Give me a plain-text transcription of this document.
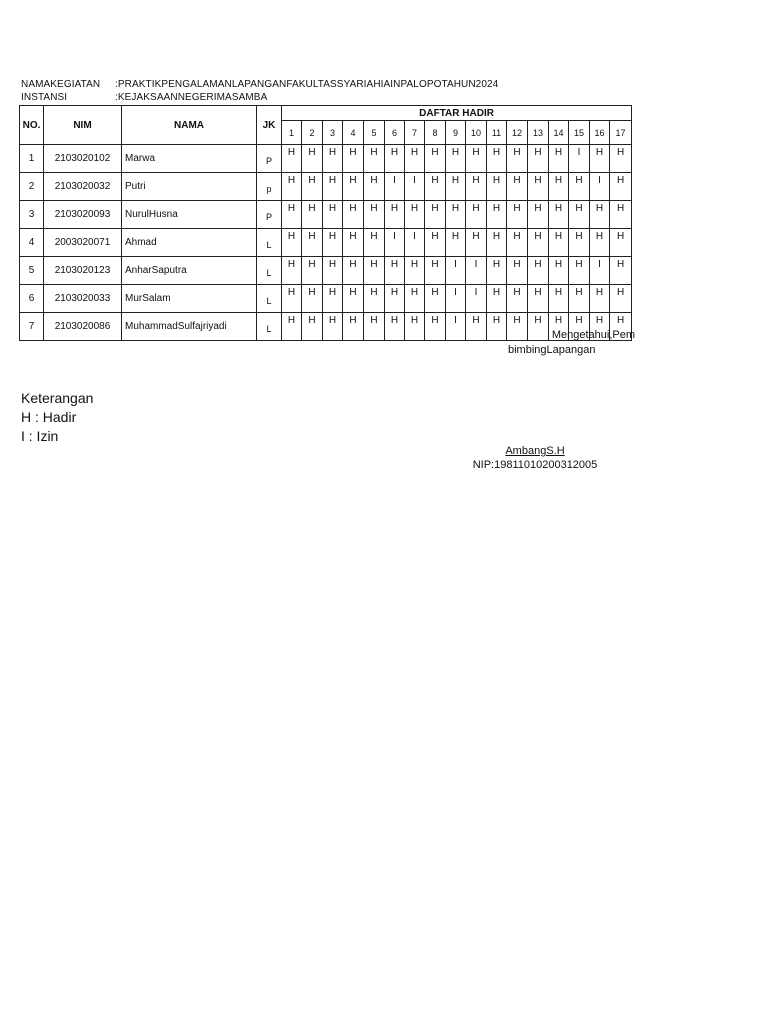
NAMAKEGIATAN :PRAKTIKPENGALAMANLAPANGANFAKULTASSYARIAHIAINPALOPOTAHUN2024
INSTANSI	:KEJAKSAANNEGERIMASAMBA
NO.	NIM	NAMA	JK	DAFTAR HADIR																
				1	2	3	4	5	6	7	8	9	10	11	12	13	14	15	16	17
1	2103020102	Marwa	P	H	H	H	H	H	H	H	H	H	H	H	H	H	H	I	H	H
2	2103020032	Putri	p	H	H	H	H	H	I	I	H	H	H	H	H	H	H	H	I	H
3	2103020093	NurulHusna	P	H	H	H	H	H	H	H	H	H	H	H	H	H	H	H	H	H
4	2003020071	Ahmad	L	H	H	H	H	H	I	I	H	H	H	H	H	H	H	H	H	H
5	2103020123	AnharSaputra	L	H	H	H	H	H	H	H	H	I	I	H	H	H	H	H	I	H
6	2103020033	MurSalam	L	H	H	H	H	H	H	H	H	I	I	H	H	H	H	H	H	H
7	2103020086	MuhammadSulfajriyadi	L	H	H	H	H	H	H	H	H	I	H	H	H	H	H	H	H	H
Mengetahui,Pem
bimbingLapangan
Keterangan
H : Hadir
I : Izin
AmbangS.H
NIP:19811010200312005
